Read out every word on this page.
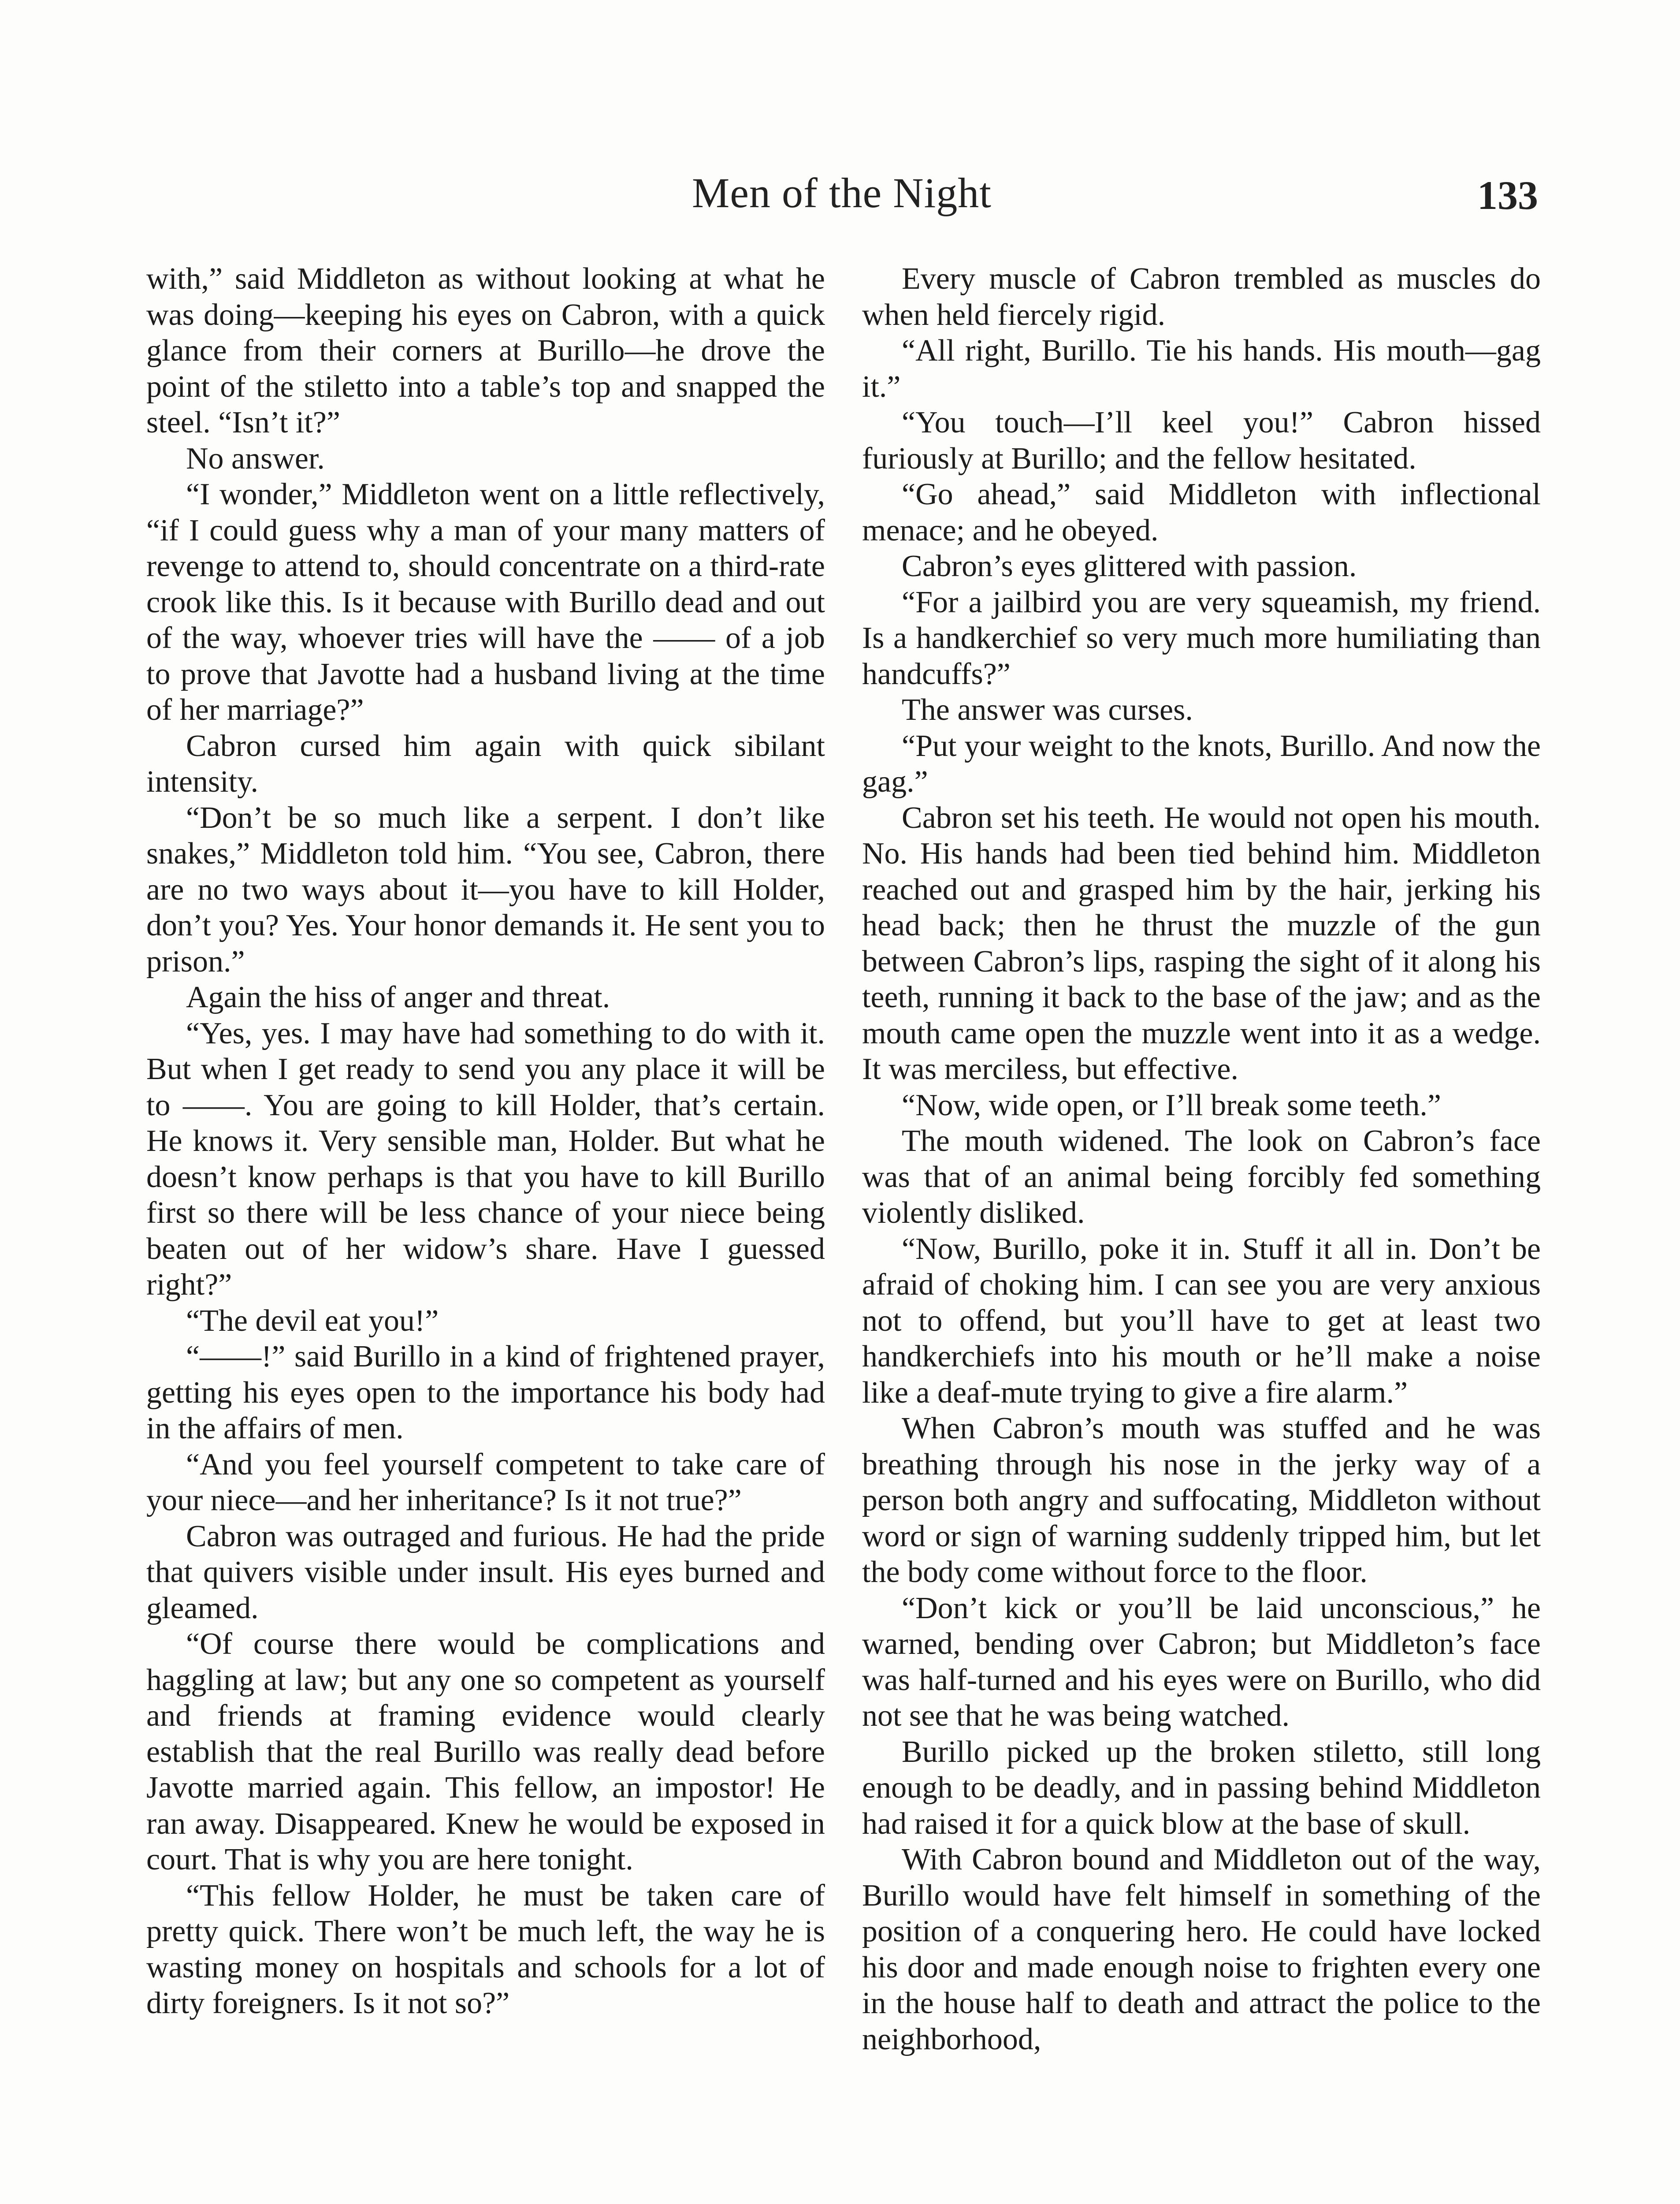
Men of the Night	133

with,” said Middleton as without looking at what he was doing—keeping his eyes on Cabron, with a quick glance from their corners at Burillo—he drove the point of the stiletto into a table’s top and snapped the steel. “Isn’t it?”

No answer.

“I wonder,” Middleton went on a little reflectively, “if I could guess why a man of your many matters of revenge to attend to, should concentrate on a third-rate crook like this. Is it because with Burillo dead and out of the way, whoever tries will have the —— of a job to prove that Javotte had a husband living at the time of her marriage?”

Cabron cursed him again with quick sibilant intensity.

“Don’t be so much like a serpent. I don’t like snakes,” Middleton told him. “You see, Cabron, there are no two ways about it—you have to kill Holder, don’t you? Yes. Your honor demands it. He sent you to prison.”

Again the hiss of anger and threat.

“Yes, yes. I may have had something to do with it. But when I get ready to send you any place it will be to ——. You are going to kill Holder, that’s certain. He knows it. Very sensible man, Holder. But what he doesn’t know perhaps is that you have to kill Burillo first so there will be less chance of your niece being beaten out of her widow’s share. Have I guessed right?”

“The devil eat you!”

“——!” said Burillo in a kind of frightened prayer, getting his eyes open to the importance his body had in the affairs of men.

“And you feel yourself competent to take care of your niece—and her inheritance? Is it not true?”

Cabron was outraged and furious. He had the pride that quivers visible under insult. His eyes burned and gleamed.

“Of course there would be complications and haggling at law; but any one so competent as yourself and friends at framing evidence would clearly establish that the real Burillo was really dead before Javotte married again. This fellow, an impostor! He ran away. Disappeared. Knew he would be exposed in court. That is why you are here tonight.

“This fellow Holder, he must be taken care of pretty quick. There won’t be much left, the way he is wasting money on hospitals and schools for a lot of dirty foreigners. Is it not so?”

Every muscle of Cabron trembled as muscles do when held fiercely rigid.

“All right, Burillo. Tie his hands. His mouth—gag it.”

“You touch—I’ll keel you!” Cabron hissed furiously at Burillo; and the fellow hesitated.

“Go ahead,” said Middleton with inflectional menace; and he obeyed.

Cabron’s eyes glittered with passion.

“For a jailbird you are very squeamish, my friend. Is a handkerchief so very much more humiliating than handcuffs?”

The answer was curses.

“Put your weight to the knots, Burillo. And now the gag.”

Cabron set his teeth. He would not open his mouth. No. His hands had been tied behind him. Middleton reached out and grasped him by the hair, jerking his head back; then he thrust the muzzle of the gun between Cabron’s lips, rasping the sight of it along his teeth, running it back to the base of the jaw; and as the mouth came open the muzzle went into it as a wedge. It was merciless, but effective.

“Now, wide open, or I’ll break some teeth.”

The mouth widened. The look on Cabron’s face was that of an animal being forcibly fed something violently disliked.

“Now, Burillo, poke it in. Stuff it all in. Don’t be afraid of choking him. I can see you are very anxious not to offend, but you’ll have to get at least two handkerchiefs into his mouth or he’ll make a noise like a deaf-mute trying to give a fire alarm.”

When Cabron’s mouth was stuffed and he was breathing through his nose in the jerky way of a person both angry and suffocating, Middleton without word or sign of warning suddenly tripped him, but let the body come without force to the floor.

“Don’t kick or you’ll be laid unconscious,” he warned, bending over Cabron; but Middleton’s face was half-turned and his eyes were on Burillo, who did not see that he was being watched.

Burillo picked up the broken stiletto, still long enough to be deadly, and in passing behind Middleton had raised it for a quick blow at the base of skull.

With Cabron bound and Middleton out of the way, Burillo would have felt himself in something of the position of a conquering hero. He could have locked his door and made enough noise to frighten every one in the house half to death and attract the police to the neighborhood,
